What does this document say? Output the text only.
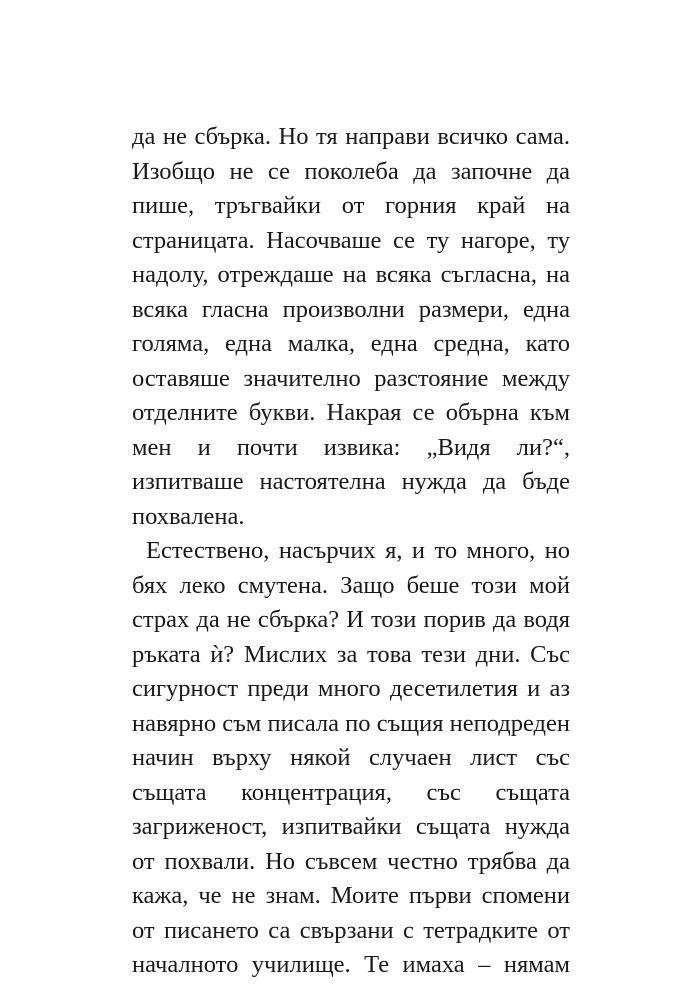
да не сбърка. Но тя направи всичко сама.
Изобщо не се поколеба да започне да
пише, тръгвайки от горния край на
страницата. Насочваше се ту нагоре, ту
надолу, отреждаше на всяка съгласна, на
всяка гласна произволни размери, една
голяма, една малка, една средна, като
оставяше значително разстояние между
отделните букви. Накрая се обърна към
мен и почти извика: „Видя ли?“,
изпитваше настоятелна нужда да бъде
похвалена.
Естествено, насърчих я, и то много, но
бях леко смутена. Защо беше този мой
страх да не сбърка? И този порив да водя
ръката ѝ? Мислих за това тези дни. Със
сигурност преди много десетилетия и аз
навярно съм писала по същия неподреден
начин върху някой случаен лист със
същата концентрация, със същата
загриженост, изпитвайки същата нужда
от похвали. Но съвсем честно трябва да
кажа, че не знам. Моите първи спомени
от писането са свързани с тетрадките от
началното училище. Те имаха – нямам
